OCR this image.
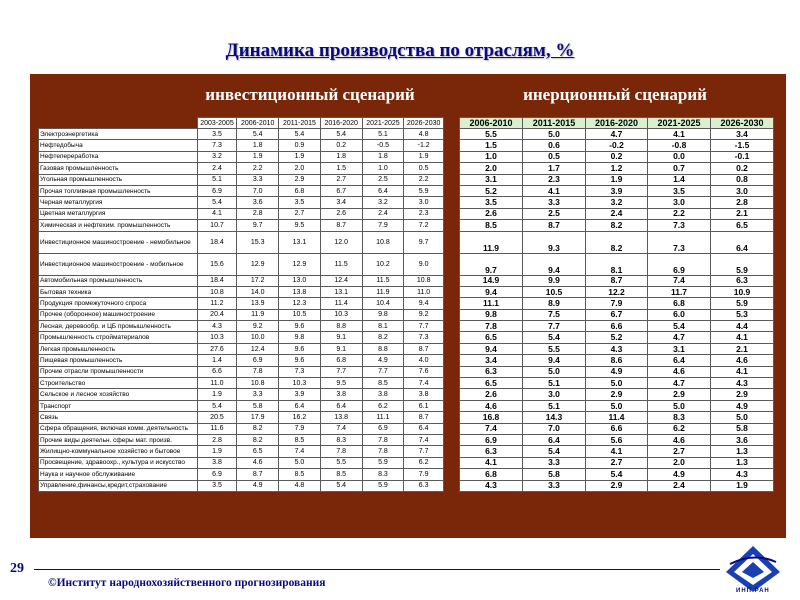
Динамика производства по отраслям, %
инвестиционный сценарий	инерционный сценарий
	2003-2005	2006-2010	2011-2015	2016-2020	2021-2025	2026-2030
Электроэнергетика	3.5	5.4	5.4	5.4	5.1	4.8
Нефтедобыча	7.3	1.8	0.9	0.2	-0.5	-1.2
Нефтепереработка	3.2	1.9	1.9	1.8	1.8	1.9
Газовая промышленность	2.4	2.2	2.0	1.5	1.0	0.5
Угольная промышленность	5.1	3.3	2.9	2.7	2.5	2.2
Прочая топливная промышленность	6.9	7.0	6.8	6.7	6.4	5.9
Черная металлургия	5.4	3.6	3.5	3.4	3.2	3.0
Цветная металлургия	4.1	2.8	2.7	2.6	2.4	2.3
Химическая и нефтехим. промышленность	10.7	9.7	9.5	8.7	7.9	7.2
Инвестиционное машиностроение - немобильное	18.4	15.3	13.1	12.0	10.8	9.7
Инвестиционное машиностроение - мобильное	15.6	12.9	12.9	11.5	10.2	9.0
Автомобильная промышленность	18.4	17.2	13.0	12.4	11.5	10.8
Бытовая техника	10.8	14.0	13.8	13.1	11.9	11.0
Продукция промежуточного спроса	11.2	13.9	12.3	11.4	10.4	9.4
Прочее (оборонное) машиностроение	20.4	11.9	10.5	10.3	9.8	9.2
Лесная, деревообр. и ЦБ промышленность	4.3	9.2	9.6	8.8	8.1	7.7
Промышленность стройматериалов	10.3	10.0	9.8	9.1	8.2	7.3
Легкая промышленность	27.6	12.4	9.6	9.1	8.8	8.7
Пищевая промышленность	1.4	6.9	9.6	6.8	4.9	4.0
Прочие отрасли промышленности	6.6	7.8	7.3	7.7	7.7	7.6
Строительство	11.0	10.8	10.3	9.5	8.5	7.4
Сельское и лесное хозяйство	1.9	3.3	3.9	3.8	3.8	3.8
Транспорт	5.4	5.8	6.4	6.4	6.2	6.1
Связь	20.5	17.9	16.2	13.8	11.1	8.7
Сфера обращения, включая комм. деятельность	11.6	8.2	7.9	7.4	6.9	6.4
Прочие виды деятельн. сферы мат. произв.	2.8	8.2	8.5	8.3	7.8	7.4
Жилищно-коммунальное хозяйство и бытовое	1.9	6.5	7.4	7.8	7.8	7.7
Просвещение, здравоохр., культура и искусство	3.8	4.6	5.0	5.5	5.9	6.2
Наука и научное обслуживание	6.9	8.7	8.5	8.5	8.3	7.9
Управление,финансы,кредит,страхование	3.5	4.9	4.8	5.4	5.9	6.3
2006-2010	2011-2015	2016-2020	2021-2025	2026-2030
5.5	5.0	4.7	4.1	3.4
1.5	0.6	-0.2	-0.8	-1.5
1.0	0.5	0.2	0.0	-0.1
2.0	1.7	1.2	0.7	0.2
3.1	2.3	1.9	1.4	0.8
5.2	4.1	3.9	3.5	3.0
3.5	3.3	3.2	3.0	2.8
2.6	2.5	2.4	2.2	2.1
8.5	8.7	8.2	7.3	6.5
11.9	9.3	8.2	7.3	6.4
9.7	9.4	8.1	6.9	5.9
14.9	9.9	8.7	7.4	6.3
9.4	10.5	12.2	11.7	10.9
11.1	8.9	7.9	6.8	5.9
9.8	7.5	6.7	6.0	5.3
7.8	7.7	6.6	5.4	4.4
6.5	5.4	5.2	4.7	4.1
9.4	5.5	4.3	3.1	2.1
3.4	9.4	8.6	6.4	4.6
6.3	5.0	4.9	4.6	4.1
6.5	5.1	5.0	4.7	4.3
2.6	3.0	2.9	2.9	2.9
4.6	5.1	5.0	5.0	4.9
16.8	14.3	11.4	8.3	5.0
7.4	7.0	6.6	6.2	5.8
6.9	6.4	5.6	4.6	3.6
6.3	5.4	4.1	2.7	1.3
4.1	3.3	2.7	2.0	1.3
6.8	5.8	5.4	4.9	4.3
4.3	3.3	2.9	2.4	1.9
29
©Институт народнохозяйственного прогнозирования
ИНП РАН
